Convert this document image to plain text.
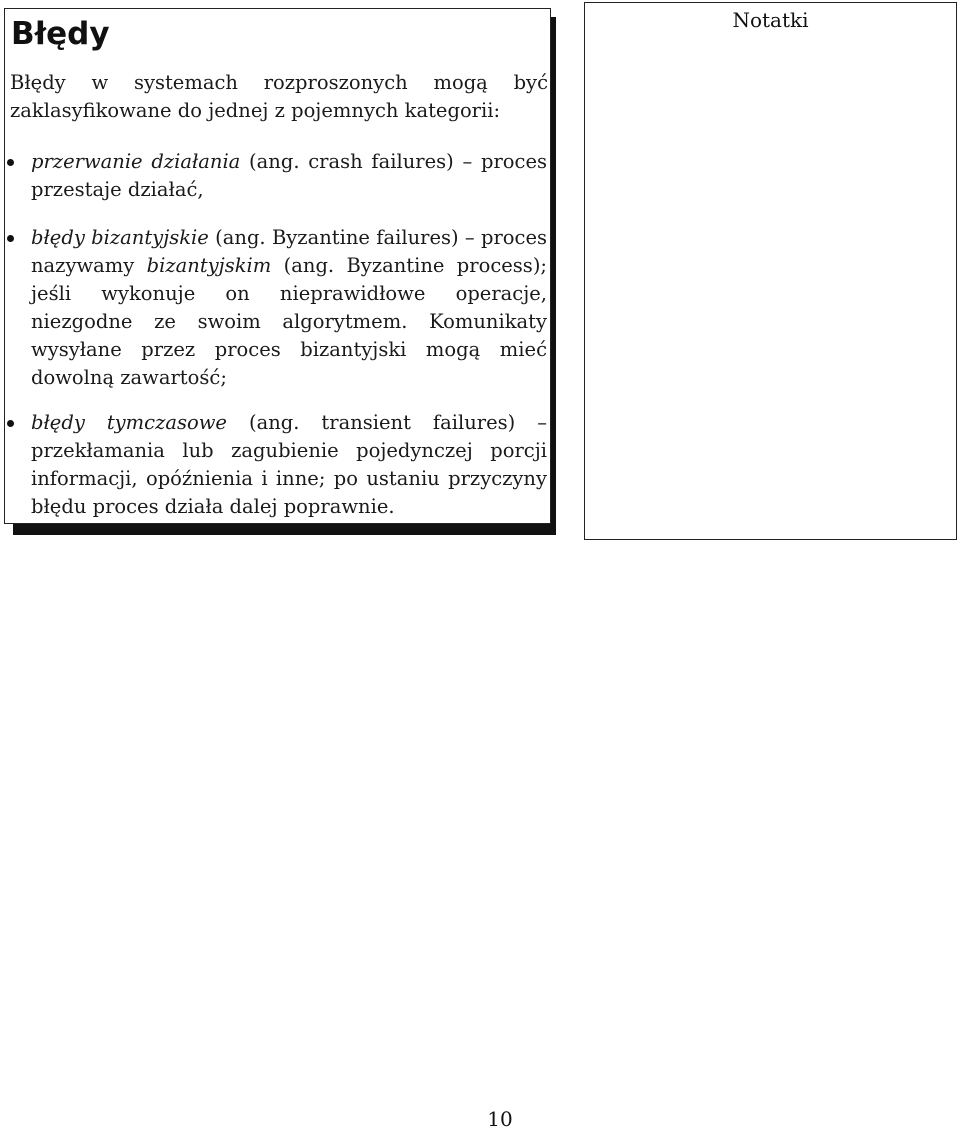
Błędy

Błędy w systemach rozproszonych mogą być zaklasyfikowane do jednej z pojemnych kategorii:

przerwanie działania (ang. crash failures) – proces przestaje działać,
błędy bizantyjskie (ang. Byzantine failures) – proces nazywamy bizantyjskim (ang. Byzantine process); jeśli wykonuje on nieprawidłowe operacje, niezgodne ze swoim algorytmem. Komunikaty wysyłane przez proces bizantyjski mogą mieć dowolną zawartość;
błędy tymczasowe (ang. transient failures) – przekłamania lub zagubienie pojedynczej porcji informacji, opóźnienia i inne; po ustaniu przyczyny błędu proces działa dalej poprawnie.
Notatki
10
